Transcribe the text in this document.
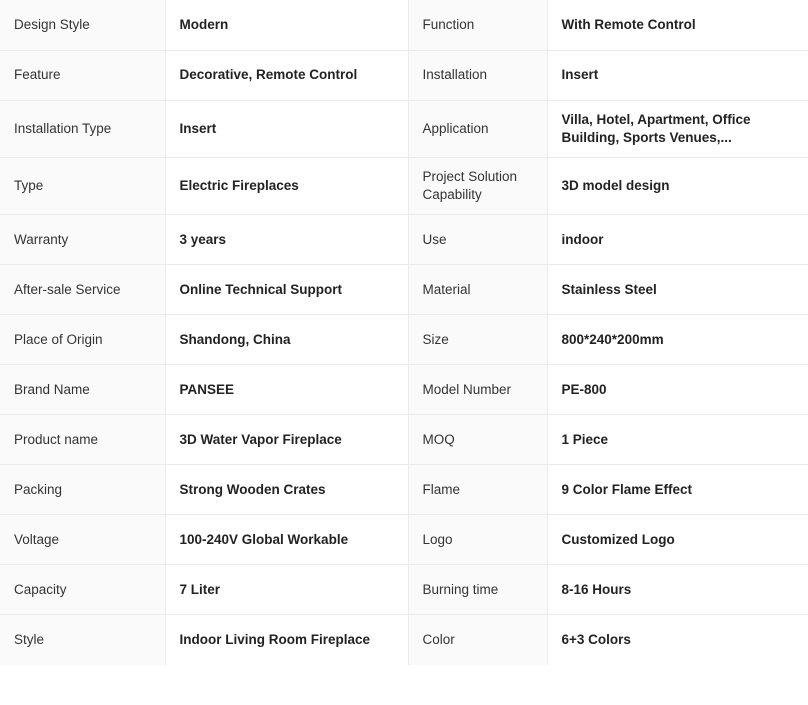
Design Style	Modern	Function	With Remote Control
Feature	Decorative, Remote Control	Installation	Insert
Installation Type	Insert	Application	Villa, Hotel, Apartment, Office Building, Sports Venues,...
Type	Electric Fireplaces	Project Solution Capability	3D model design
Warranty	3 years	Use	indoor
After-sale Service	Online Technical Support	Material	Stainless Steel
Place of Origin	Shandong, China	Size	800*240*200mm
Brand Name	PANSEE	Model Number	PE-800
Product name	3D Water Vapor Fireplace	MOQ	1 Piece
Packing	Strong Wooden Crates	Flame	9 Color Flame Effect
Voltage	100-240V Global Workable	Logo	Customized Logo
Capacity	7 Liter	Burning time	8-16 Hours
Style	Indoor Living Room Fireplace	Color	6+3 Colors
